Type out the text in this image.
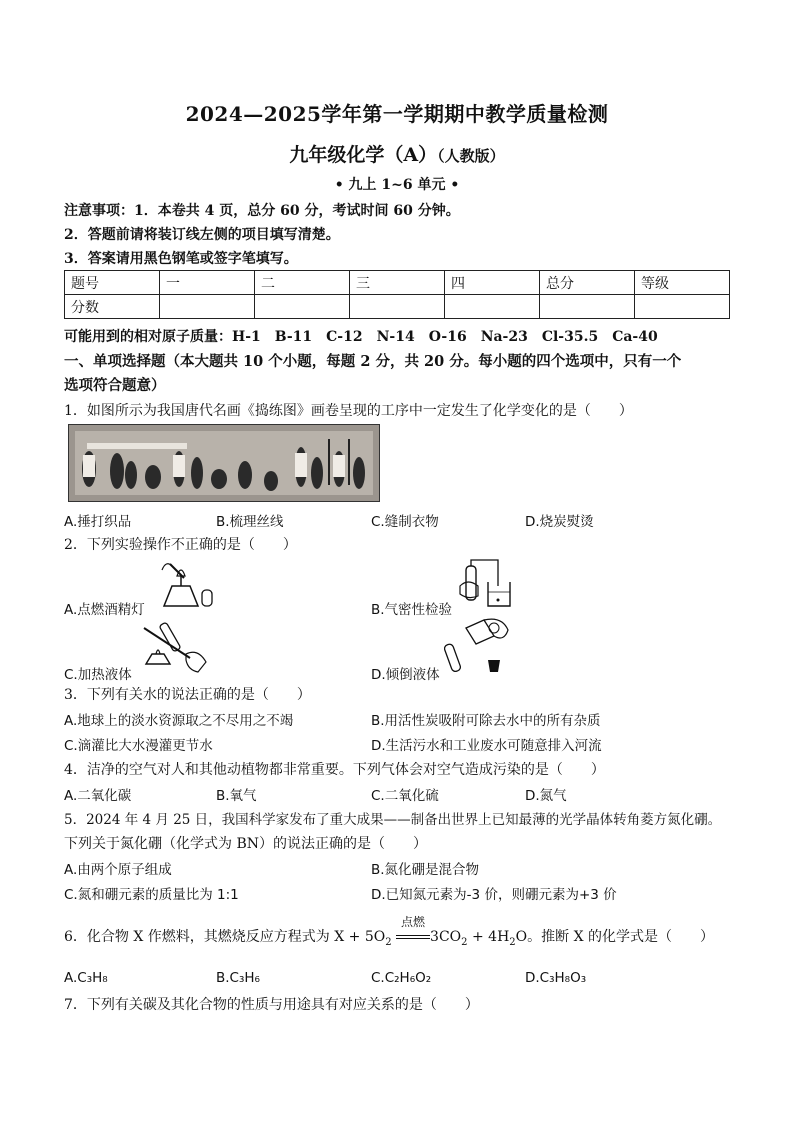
2024—2025学年第一学期期中教学质量检测
九年级化学（A）（人教版）
• 九上 1~6 单元 •
注意事项：1．本卷共 4 页，总分 60 分，考试时间 60 分钟。
2．答题前请将装订线左侧的项目填写清楚。
3．答案请用黑色钢笔或签字笔填写。
题号	一	二	三	四	总分	等级
分数						
可能用到的相对原子质量：H-1　B-11　C-12　N-14　O-16　Na-23　Cl-35.5　Ca-40
一、单项选择题（本大题共 10 个小题，每题 2 分，共 20 分。每小题的四个选项中，只有一个
选项符合题意）
1．如图所示为我国唐代名画《捣练图》画卷呈现的工序中一定发生了化学变化的是（　　）
A.捶打织品	B.梳理丝线	C.缝制衣物	D.烧炭熨烫
2．下列实验操作不正确的是（　　）
A.点燃酒精灯	B.气密性检验
C.加热液体	D.倾倒液体
3．下列有关水的说法正确的是（　　）
A.地球上的淡水资源取之不尽用之不竭	B.用活性炭吸附可除去水中的所有杂质
C.滴灌比大水漫灌更节水	D.生活污水和工业废水可随意排入河流
4．洁净的空气对人和其他动植物都非常重要。下列气体会对空气造成污染的是（　　）
A.二氧化碳	B.氧气	C.二氧化硫	D.氮气
5．2024 年 4 月 25 日，我国科学家发布了重大成果——制备出世界上已知最薄的光学晶体转角菱方氮化硼。
下列关于氮化硼（化学式为 BN）的说法正确的是（　　）
A.由两个原子组成	B.氮化硼是混合物
C.氮和硼元素的质量比为 1:1	D.已知氮元素为-3 价，则硼元素为+3 价
6．化合物 X 作燃料，其燃烧反应方程式为 $X + 5O_2$
点燃
$3CO_2 + 4H_2O$。推断 X 的化学式是（　　）
A.C₃H₈	B.C₃H₆	C.C₂H₆O₂	D.C₃H₈O₃
7．下列有关碳及其化合物的性质与用途具有对应关系的是（　　）
